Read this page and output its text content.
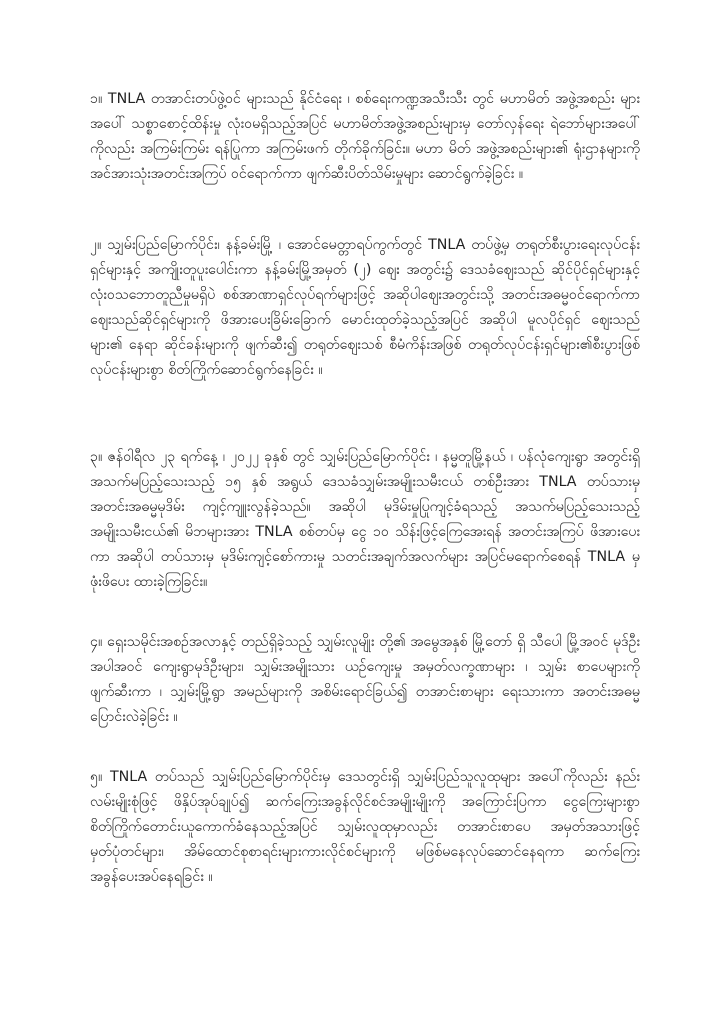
၁။ TNLA တအာင်းတပ်ဖွဲ့ဝင် များသည် နိုင်ငံရေး ၊ စစ်ရေးကဏ္ဍအသီးသီး တွင် မဟာမိတ် အဖွဲ့အစည်း များအပေါ် သစ္စာစောင့်ထိန်းမှု လုံးဝမရှိသည့်အပြင် မဟာမိတ်အဖွဲ့အစည်းများမှ တော်လှန်ရေး ရဲဘော်များအပေါ်ကိုလည်း အကြမ်းကြမ်း ရန်ပြုကာ အကြမ်းဖက် တိုက်ခိုက်ခြင်း။ မဟာ မိတ် အဖွဲ့အစည်းများ၏ ရုံးဌာနများကို အင်အားသုံးအတင်းအကြပ် ဝင်ရောက်ကာ ဖျက်ဆီးပိတ်သိမ်းမှုများ ဆောင်ရွက်ခဲ့ခြင်း ။

၂။ သျှမ်းပြည်မြောက်ပိုင်း၊ နန့်ခမ်းမြို့ ၊ အောင်မေတ္တာရပ်ကွက်တွင် TNLA တပ်ဖွဲ့မှ တရုတ်စီးပွားရေးလုပ်ငန်းရှင်များနှင့် အကျိုးတူပူးပေါင်းကာ နန့်ခမ်းမြို့အမှတ် (၂) ဈေး အတွင်း၌ ဒေသခံဈေးသည် ဆိုင်ပိုင်ရှင်များနှင့် လုံးဝသဘောတူညီမှုမရှိပဲ စစ်အာဏာရှင်လုပ်ရက်များဖြင့် အဆိုပါဈေးအတွင်းသို့ အတင်းအဓမ္မဝင်ရောက်ကာဈေးသည်ဆိုင်ရှင်များကို ဖိအားပေးခြိမ်းခြောက် မောင်းထုတ်ခဲ့သည့်အပြင် အဆိုပါ မူလပိုင်ရှင် ဈေးသည်များ၏ နေရာ ဆိုင်ခန်းများကို ဖျက်ဆီး၍ တရုတ်ဈေးသစ် စီမံကိန်းအဖြစ် တရုတ်လုပ်ငန်းရှင်များ၏စီးပွားဖြစ် လုပ်ငန်းများစွာ စိတ်ကြိုက်ဆောင်ရွက်နေခြင်း ။

၃။ ဇန်ဝါရီလ ၂၃ ရက်နေ့ ၊ ၂၀၂၂ ခုနှစ် တွင် သျှမ်းပြည်မြောက်ပိုင်း ၊ နမ္မတူမြို့နယ် ၊ ပန်လုံကျေးရွာ အတွင်းရှိ အသက်မပြည့်သေးသည့် ၁၅ နှစ် အရွယ် ဒေသခံသျှမ်းအမျိုးသမီးငယ် တစ်ဦးအား TNLA တပ်သားမှ အတင်းအဓမ္မမုဒိမ်း ကျင့်ကျူးလွန်ခဲ့သည်။ အဆိုပါ မုဒိမ်းမှုပြုကျင့်ခံရသည့် အသက်မပြည့်သေးသည့် အမျိုးသမီးငယ်၏ မိဘများအား TNLA စစ်တပ်မှ ငွေ ၁၀ သိန်းဖြင့်ကြေအေးရန် အတင်းအကြပ် ဖိအားပေးကာ အဆိုပါ တပ်သားမှ မုဒိမ်းကျင့်စော်ကားမှု သတင်းအချက်အလက်များ အပြင်မရောက်စေရန် TNLA မှဖုံးဖိပေး ထားခဲ့ကြခြင်း။

၄။ ရှေးသမိုင်းအစဉ်အလာနှင့် တည်ရှိခဲ့သည့် သျှမ်းလူမျိုး တို့၏ အမွေအနှစ် မြို့တော် ရှိ သီပေါ မြို့အဝင် မုဒ်ဦး အပါအဝင် ကျေးရွာမုဒ်ဦးများ၊ သျှမ်းအမျိုးသား ယဉ်ကျေးမှု အမှတ်လက္ခဏာများ ၊ သျှမ်း စာပေများကို ဖျက်ဆီးကာ ၊ သျှမ်းမြို့ရွာ အမည်များကို အစိမ်းရောင်ခြယ်၍ တအာင်းစာများ ရေးသားကာ အတင်းအဓမ္မပြောင်းလဲခဲ့ခြင်း ။

၅။ TNLA တပ်သည် သျှမ်းပြည်မြောက်ပိုင်းမှ ဒေသတွင်းရှိ သျှမ်းပြည်သူလူထုများ အပေါ်ကိုလည်း နည်းလမ်းမျိုးစုံဖြင့် ဖိနှိပ်အုပ်ချုပ်၍ ဆက်ကြေးအခွန်လိုင်စင်အမျိုးမျိုးကို အကြောင်းပြကာ ငွေကြေးများစွာ စိတ်ကြိုက်တောင်းယူကောက်ခံနေသည့်အပြင် သျှမ်းလူထုမှာလည်း တအာင်းစာပေ အမှတ်အသားဖြင့် မှတ်ပုံတင်များ၊ အိမ်ထောင်စုစာရင်းများကားလိုင်စင်များကို မဖြစ်မနေလုပ်ဆောင်နေရကာ ဆက်ကြေးအခွန်ပေးအပ်နေရခြင်း ။
